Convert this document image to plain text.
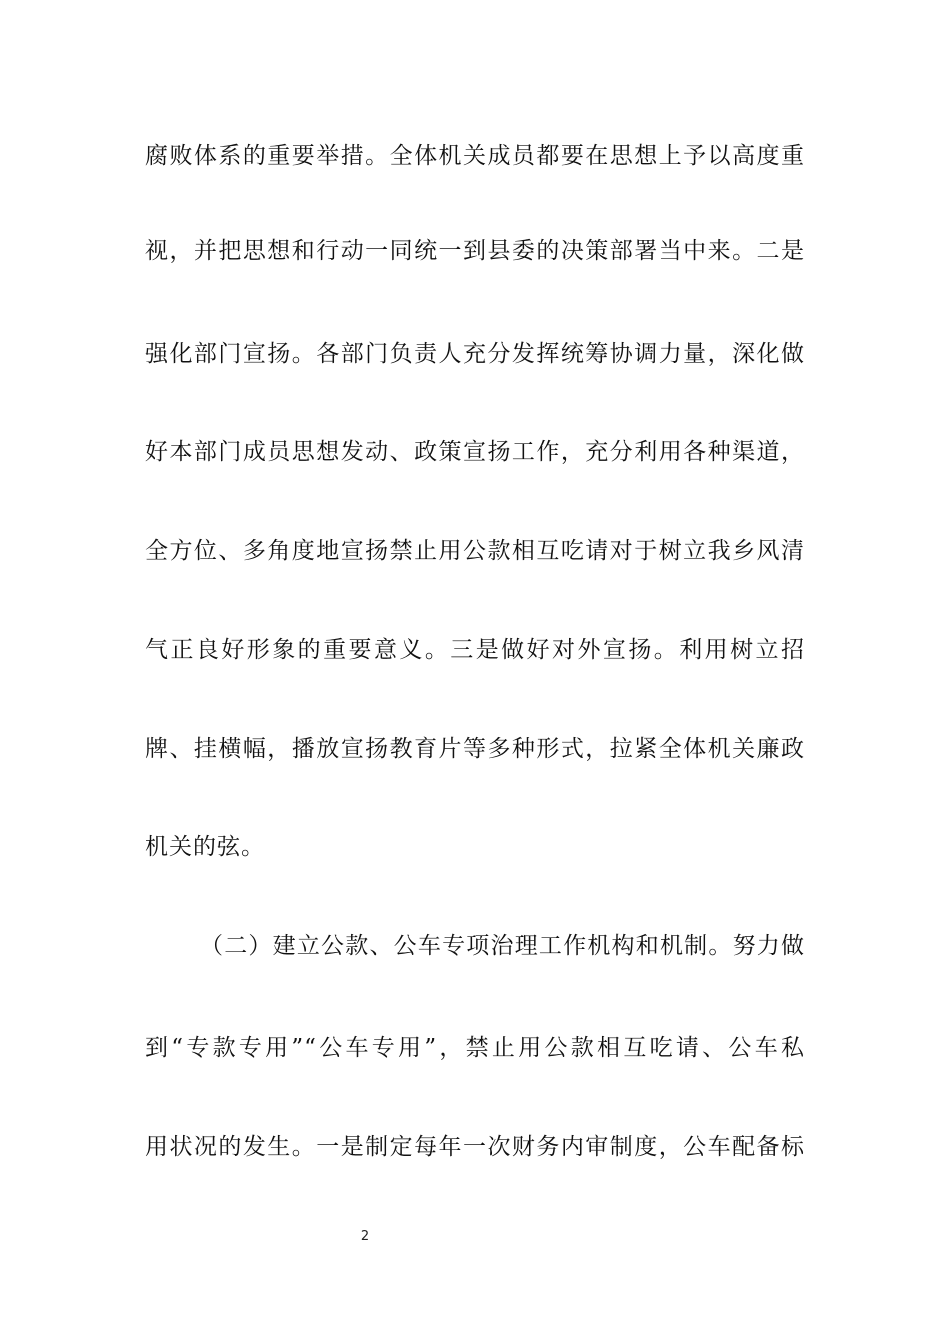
腐败体系的重要举措。全体机关成员都要在思想上予以高度重
视，并把思想和行动一同统一到县委的决策部署当中来。二是
强化部门宣扬。各部门负责人充分发挥统筹协调力量，深化做
好本部门成员思想发动、政策宣扬工作，充分利用各种渠道，
全方位、多角度地宣扬禁止用公款相互吃请对于树立我乡风清
气正良好形象的重要意义。三是做好对外宣扬。利用树立招
牌、挂横幅，播放宣扬教育片等多种形式，拉紧全体机关廉政
机关的弦。
（二）建立公款、公车专项治理工作机构和机制。努力做
到“专款专用”“公车专用”，禁止用公款相互吃请、公车私
用状况的发生。一是制定每年一次财务内审制度，公车配备标
2
